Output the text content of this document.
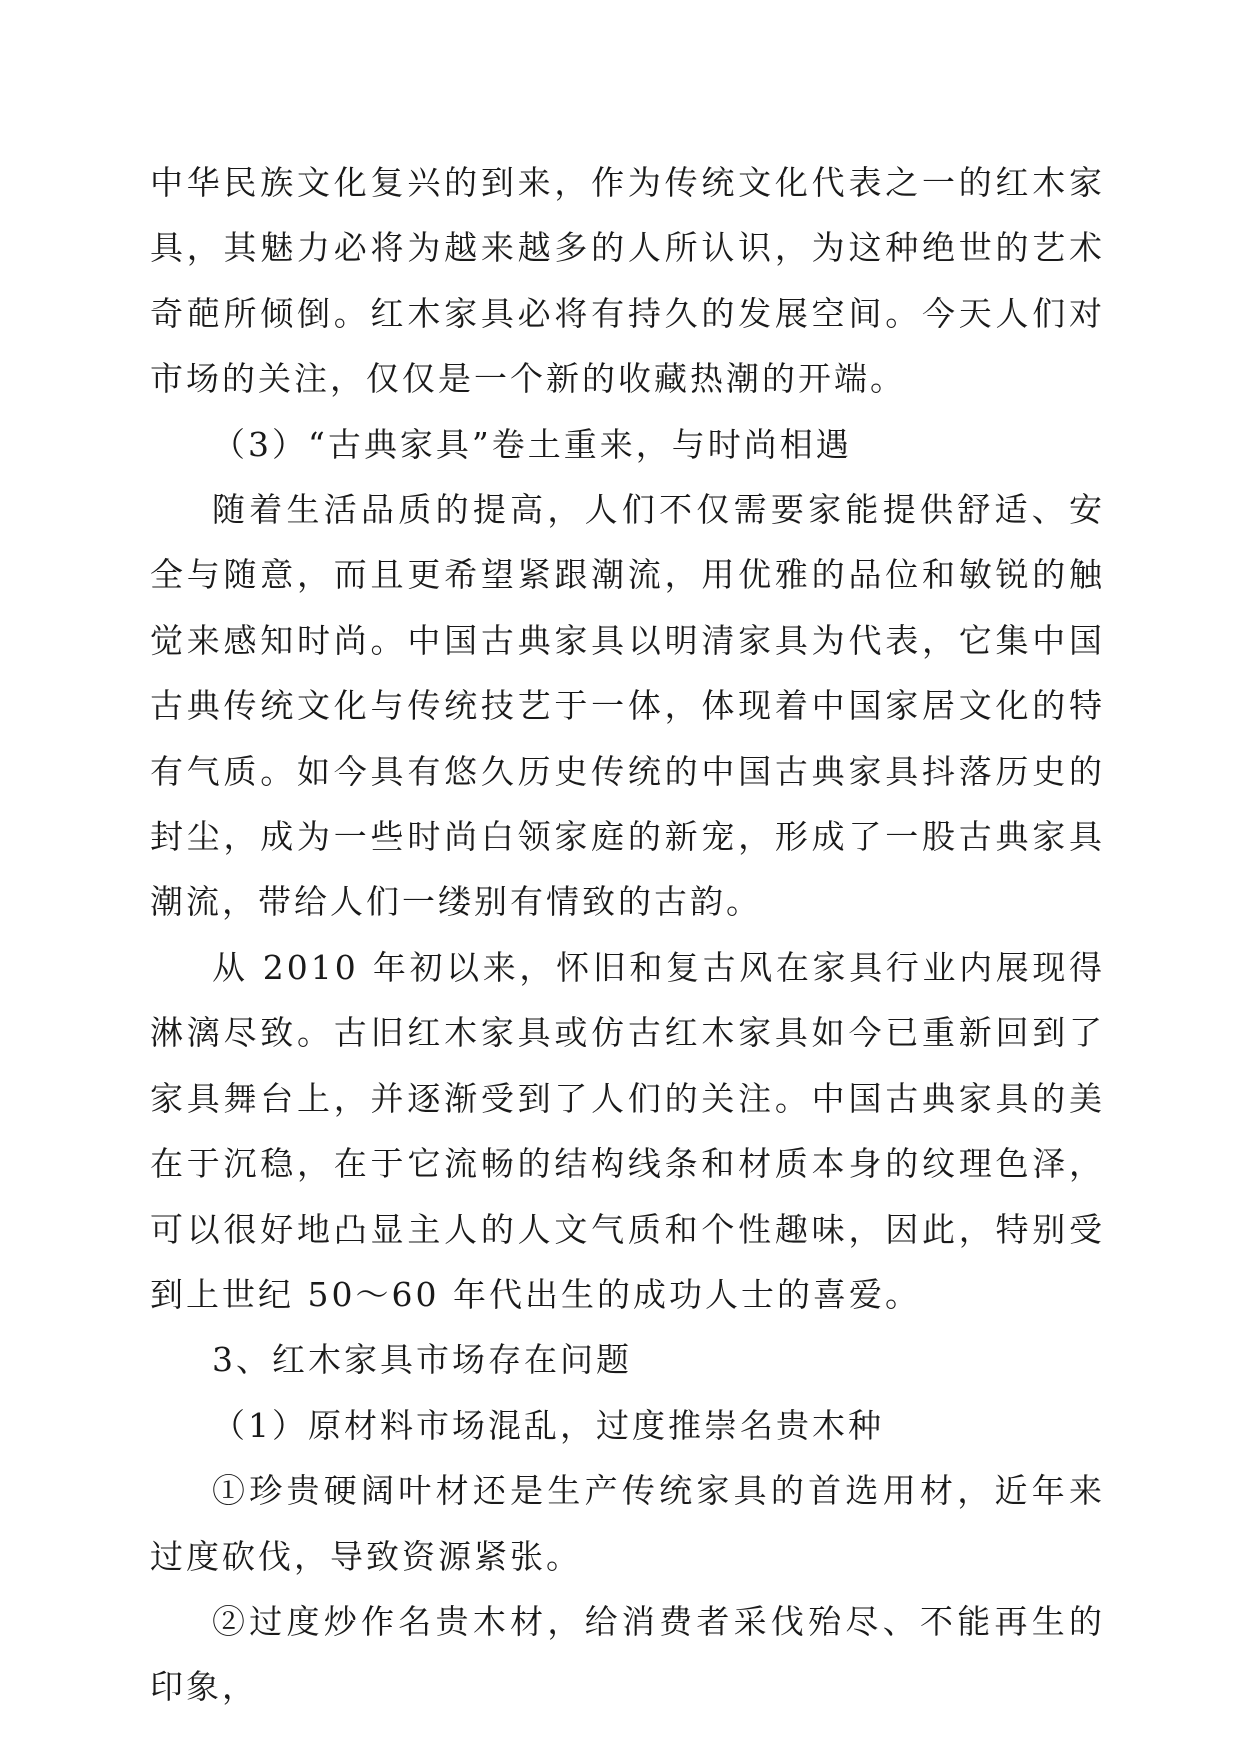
中华民族文化复兴的到来，作为传统文化代表之一的红木家具，其魅力必将为越来越多的人所认识，为这种绝世的艺术奇葩所倾倒。红木家具必将有持久的发展空间。今天人们对市场的关注，仅仅是一个新的收藏热潮的开端。

（3）“古典家具”卷土重来，与时尚相遇

随着生活品质的提高，人们不仅需要家能提供舒适、安全与随意，而且更希望紧跟潮流，用优雅的品位和敏锐的触觉来感知时尚。中国古典家具以明清家具为代表，它集中国古典传统文化与传统技艺于一体，体现着中国家居文化的特有气质。如今具有悠久历史传统的中国古典家具抖落历史的封尘，成为一些时尚白领家庭的新宠，形成了一股古典家具潮流，带给人们一缕别有情致的古韵。

从 2010 年初以来，怀旧和复古风在家具行业内展现得淋漓尽致。古旧红木家具或仿古红木家具如今已重新回到了家具舞台上，并逐渐受到了人们的关注。中国古典家具的美在于沉稳，在于它流畅的结构线条和材质本身的纹理色泽，可以很好地凸显主人的人文气质和个性趣味，因此，特别受到上世纪 50～60 年代出生的成功人士的喜爱。

3、红木家具市场存在问题

（1）原材料市场混乱，过度推崇名贵木种

①珍贵硬阔叶材还是生产传统家具的首选用材，近年来过度砍伐，导致资源紧张。

②过度炒作名贵木材，给消费者采伐殆尽、不能再生的印象，
